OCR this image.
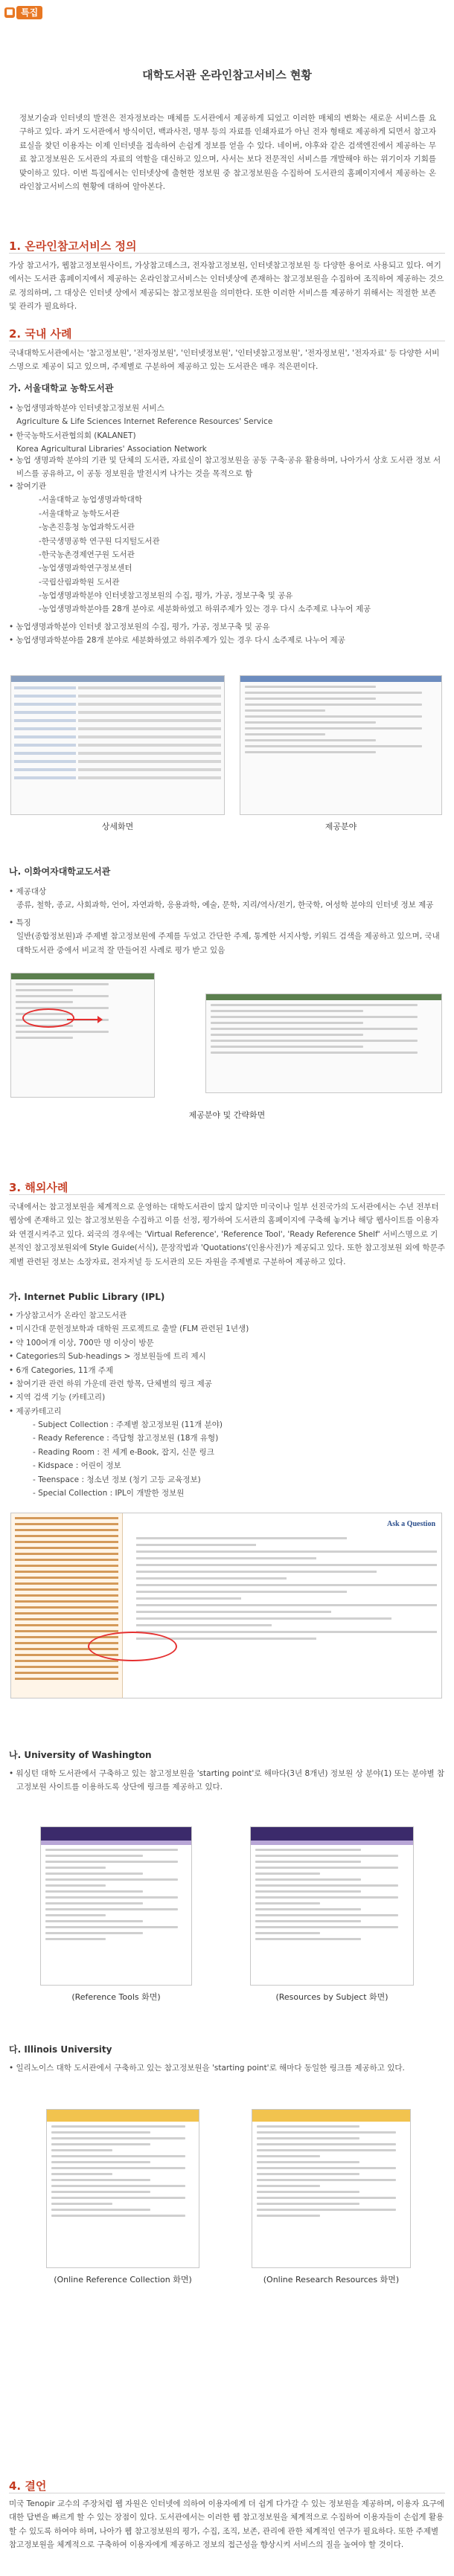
■ 특집
대학도서관 온라인참고서비스 현황
정보기술과 인터넷의 발전은 전자정보라는 매체를 도서관에서 제공하게 되었고 이러한 매체의 변화는 새로운 서비스를 요구하고 있다. 과거 도서관에서 방식이던, 백과사전, 명부 등의 자료를 인쇄자료가 아닌 전자 형태로 제공하게 되면서 참고자료실을 찾던 이용자는 이제 인터넷을 접속하여 손쉽게 정보를 얻을 수 있다. 네이버, 야후와 같은 검색엔진에서 제공하는 무료 참고정보원은 도서관의 자료의 역할을 대신하고 있으며, 사서는 보다 전문적인 서비스를 개발해야 하는 위기이자 기회를 맞이하고 있다. 이번 특집에서는 인터넷상에 출현한 정보원 중 참고정보원을 수집하여 도서관의 홈페이지에서 제공하는 온라인참고서비스의 현황에 대하여 알아본다.
1. 온라인참고서비스 정의
가상 참고서가, 웹참고정보원사이트, 가상참고데스크, 전자참고정보원, 인터넷참고정보원 등 다양한 용어로 사용되고 있다. 여기에서는 도서관 홈페이지에서 제공하는 온라인참고서비스는 인터넷상에 존재하는 참고정보원을 수집하여 조직하여 제공하는 것으로 정의하며, 그 대상은 인터넷 상에서 제공되는 참고정보원을 의미한다. 또한 이러한 서비스를 제공하기 위해서는 적절한 보존 및 관리가 필요하다.
2. 국내 사례
국내대학도서관에서는 '참고정보원', '전자정보원', '인터넷정보원', '인터넷참고정보원', '전자정보원', '전자자료' 등 다양한 서비스명으로 제공이 되고 있으며, 주제별로 구분하여 제공하고 있는 도서관은 매우 적은편이다.
가. 서울대학교 농학도서관
• 농업생명과학분야 인터넷참고정보원 서비스
Agriculture & Life Sciences Internet Reference Resources' Service
• 한국농학도서관협의회 (KALANET)
Korea Agricultural Libraries' Association Network
• 농업 생명과학 분야의 기관 및 단체의 도서관, 자료실이 참고정보원을 공동 구축·공유 활용하며, 나아가서 상호 도서관 정보 서비스를 공유하고, 이 공동 정보원을 발전시켜 나가는 것을 목적으로 함
• 참여기관
-서울대학교 농업생명과학대학
-서울대학교 농학도서관
-농촌진흥청 농업과학도서관
-한국생명공학 연구원 디지털도서관
-한국농촌경제연구원 도서관
-농업생명과학연구정보센터
-국립산림과학원 도서관
-농업생명과학분야 인터넷참고정보원의 수집, 평가, 가공, 정보구축 및 공유
-농업생명과학분야를 28개 분야로 세분화하였고 하위주제가 있는 경우 다시 소주제로 나누어 제공
• 농업생명과학분야 인터넷 참고정보원의 수집, 평가, 가공, 정보구축 및 공유
• 농업생명과학분야를 28개 분야로 세분화하였고 하위주제가 있는 경우 다시 소주제로 나누어 제공
상세화면	제공분야
나. 이화여자대학교도서관
• 제공대상
종류, 철학, 종교, 사회과학, 언어, 자연과학, 응용과학, 예술, 문학, 지리/역사/전기, 한국학, 여성학 분야의 인터넷 정보 제공
• 특징
일반(종합정보원)과 주제별 참고정보원에 주제를 두었고 간단한 주제, 통계한 서지사항, 키워드 검색을 제공하고 있으며, 국내대학도서관 중에서 비교적 잘 만들어진 사례로 평가 받고 있음
제공분야 및 간략화면
3. 해외사례
국내에서는 참고정보원을 체계적으로 운영하는 대학도서관이 많지 않지만 미국이나 일부 선진국가의 도서관에서는 수년 전부터 웹상에 존재하고 있는 참고정보원을 수집하고 이를 선정, 평가하여 도서관의 홈페이지에 구축해 놓거나 해당 웹사이트를 이용자와 연결시켜주고 있다. 외국의 경우에는 'Virtual Reference', 'Reference Tool', 'Ready Reference Shelf' 서비스명으로 기본적인 참고정보원외에 Style Guide(서식), 문장작법과 'Quotations'(인용사전)가 제공되고 있다. 또한 참고정보원 외에 학문주제별 관련된 정보는 소장자료, 전자저널 등 도서관의 모든 자원을 주제별로 구분하여 제공하고 있다.
가. Internet Public Library (IPL)
• 가상참고서가 온라인 참고도서관
• 미시간대 문헌정보학과 대학원 프로젝트로 출발 (FLM 관련된 1년생)
• 약 100여개 이상, 700만 명 이상이 방문
• Categories의 Sub-headings > 정보원들에 트리 제시
• 6개 Categories, 11개 주제
• 참여기관 관련 하위 가운데 관련 항목, 단체별의 링크 제공
• 지역 검색 기능 (카테고리)
• 제공카테고리
- Subject Collection : 주제별 참고정보원 (11개 분야)
- Ready Reference : 즉답형 참고정보원 (18개 유형)
- Reading Room : 전 세계 e-Book, 잡지, 신문 링크
- Kidspace : 어린이 정보
- Teenspace : 청소년 정보 (청기 고등 교육정보)
- Special Collection : IPL이 개발한 정보원
Ask a Question
나. University of Washington
• 워싱턴 대학 도서관에서 구축하고 있는 참고정보원을 'starting point'로 해마다(3년 8개년) 정보원 상 분야(1) 또는 분야별 참고정보원 사이트를 이용하도록 상단에 링크를 제공하고 있다.
(Reference Tools 화면)	(Resources by Subject 화면)
다. Illinois University
• 일리노이스 대학 도서관에서 구축하고 있는 참고정보원을 'starting point'로 해마다 동일한 링크를 제공하고 있다.
(Online Reference Collection 화면)	(Online Research Resources 화면)
4. 결언
미국 Tenopir 교수의 주장처럼 웹 자원은 인터넷에 의하여 이용자에게 더 쉽게 다가갈 수 있는 정보원을 제공하며, 이용자 요구에 대한 답변을 빠르게 할 수 있는 장점이 있다. 도서관에서는 이러한 웹 참고정보원을 체계적으로 수집하여 이용자들이 손쉽게 활용할 수 있도록 하여야 하며, 나아가 웹 참고정보원의 평가, 수집, 조직, 보존, 관리에 관한 체계적인 연구가 필요하다. 또한 주제별 참고정보원을 체계적으로 구축하여 이용자에게 제공하고 정보의 접근성을 향상시켜 서비스의 질을 높여야 할 것이다.
